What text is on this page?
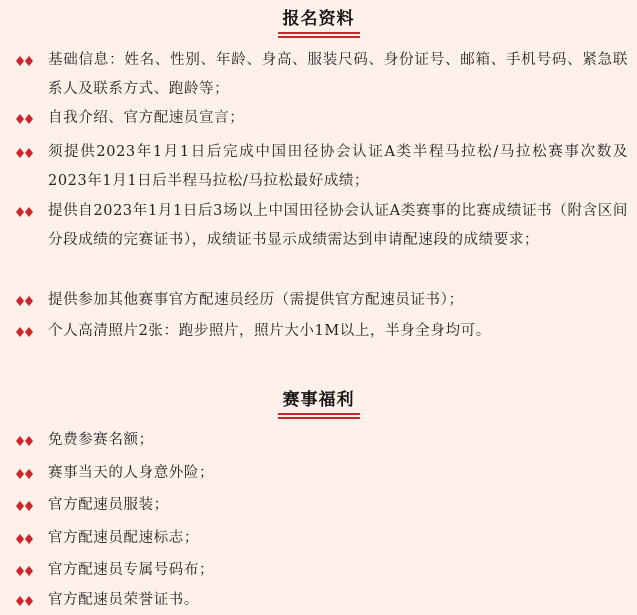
报名资料
基础信息：姓名、性别、年龄、身高、服装尺码、身份证号、邮箱、手机号码、紧急联系人及联系方式、跑龄等；
自我介绍、官方配速员宣言；
须提供2023年1月1日后完成中国田径协会认证A类半程马拉松/马拉松赛事次数及2023年1月1日后半程马拉松/马拉松最好成绩；
提供自2023年1月1日后3场以上中国田径协会认证A类赛事的比赛成绩证书（附含区间分段成绩的完赛证书），成绩证书显示成绩需达到申请配速段的成绩要求；
提供参加其他赛事官方配速员经历（需提供官方配速员证书）；
个人高清照片2张：跑步照片，照片大小1M以上，半身全身均可。
赛事福利
免费参赛名额；
赛事当天的人身意外险；
官方配速员服装；
官方配速员配速标志；
官方配速员专属号码布；
官方配速员荣誉证书。
